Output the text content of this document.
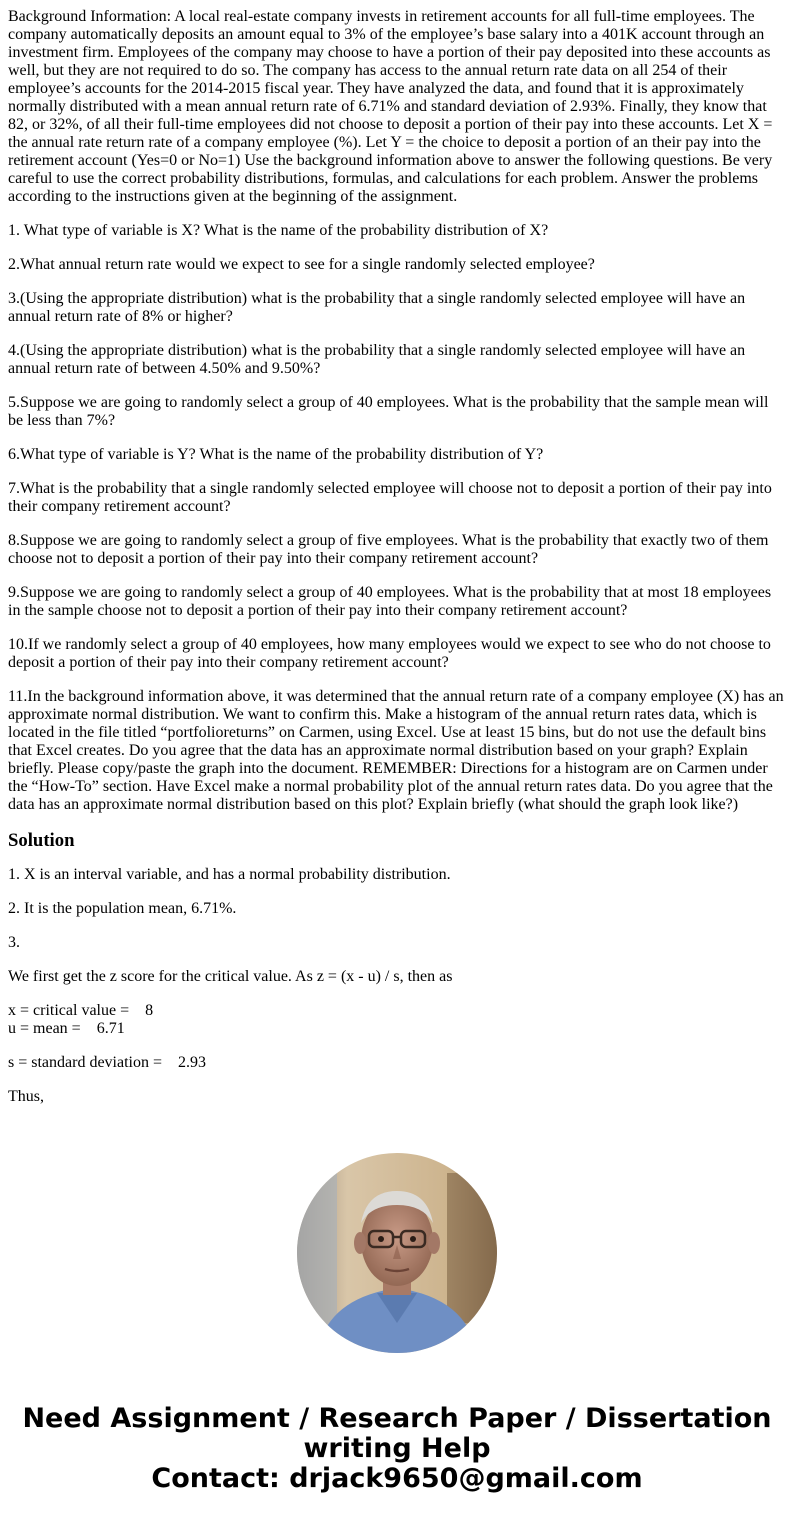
Background Information: A local real-estate company invests in retirement accounts for all full-time employees. The company automatically deposits an amount equal to 3% of the employee’s base salary into a 401K account through an investment firm. Employees of the company may choose to have a portion of their pay deposited into these accounts as well, but they are not required to do so. The company has access to the annual return rate data on all 254 of their employee’s accounts for the 2014-2015 fiscal year. They have analyzed the data, and found that it is approximately normally distributed with a mean annual return rate of 6.71% and standard deviation of 2.93%. Finally, they know that 82, or 32%, of all their full-time employees did not choose to deposit a portion of their pay into these accounts. Let X = the annual rate return rate of a company employee (%). Let Y = the choice to deposit a portion of an their pay into the retirement account (Yes=0 or No=1) Use the background information above to answer the following questions. Be very careful to use the correct probability distributions, formulas, and calculations for each problem. Answer the problems according to the instructions given at the beginning of the assignment.

1. What type of variable is X? What is the name of the probability distribution of X?

2.What annual return rate would we expect to see for a single randomly selected employee?

3.(Using the appropriate distribution) what is the probability that a single randomly selected employee will have an annual return rate of 8% or higher?

4.(Using the appropriate distribution) what is the probability that a single randomly selected employee will have an annual return rate of between 4.50% and 9.50%?

5.Suppose we are going to randomly select a group of 40 employees. What is the probability that the sample mean will be less than 7%?

6.What type of variable is Y? What is the name of the probability distribution of Y?

7.What is the probability that a single randomly selected employee will choose not to deposit a portion of their pay into their company retirement account?

8.Suppose we are going to randomly select a group of five employees. What is the probability that exactly two of them choose not to deposit a portion of their pay into their company retirement account?

9.Suppose we are going to randomly select a group of 40 employees. What is the probability that at most 18 employees in the sample choose not to deposit a portion of their pay into their company retirement account?

10.If we randomly select a group of 40 employees, how many employees would we expect to see who do not choose to deposit a portion of their pay into their company retirement account?

11.In the background information above, it was determined that the annual return rate of a company employee (X) has an approximate normal distribution. We want to confirm this. Make a histogram of the annual return rates data, which is located in the file titled “portfolioreturns” on Carmen, using Excel. Use at least 15 bins, but do not use the default bins that Excel creates. Do you agree that the data has an approximate normal distribution based on your graph? Explain briefly. Please copy/paste the graph into the document. REMEMBER: Directions for a histogram are on Carmen under the “How-To” section. Have Excel make a normal probability plot of the annual return rates data. Do you agree that the data has an approximate normal distribution based on this plot? Explain briefly (what should the graph look like?)

Solution

1. X is an interval variable, and has a normal probability distribution.

2. It is the population mean, 6.71%.

3.

We first get the z score for the critical value. As z = (x - u) / s, then as

x = critical value =    8
u = mean =    6.71

s = standard deviation =    2.93

Thus,

Need Assignment / Research Paper / Dissertation
writing Help
Contact: drjack9650@gmail.com
